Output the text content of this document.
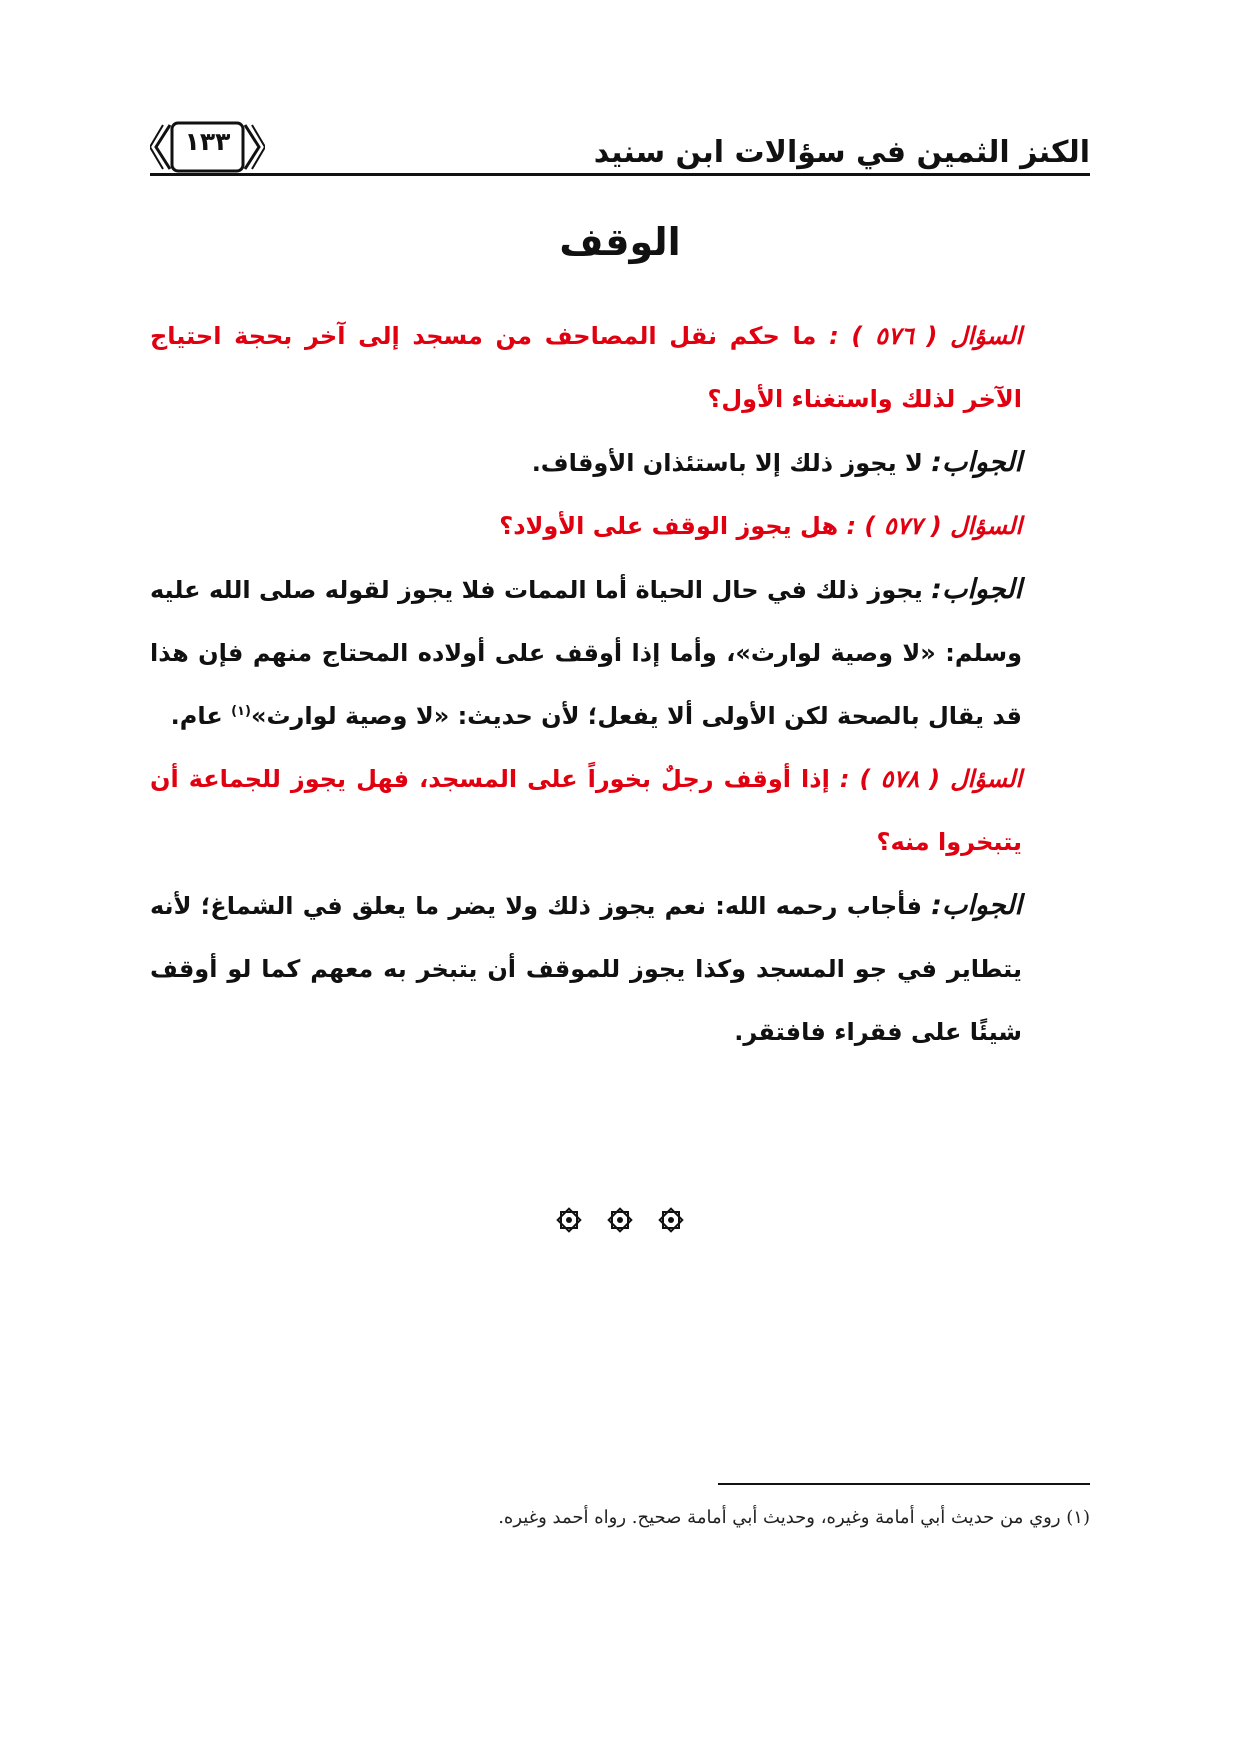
الكنز الثمين في سؤالات ابن سنيد
١٣٣
الوقف

السؤال ( ٥٧٦ ) : ما حكم نقل المصاحف من مسجد إلى آخر بحجة احتياج الآخر لذلك واستغناء الأول؟

الجواب: لا يجوز ذلك إلا باستئذان الأوقاف.

السؤال ( ٥٧٧ ) : هل يجوز الوقف على الأولاد؟

الجواب: يجوز ذلك في حال الحياة أما الممات فلا يجوز لقوله صلى الله عليه وسلم: «لا وصية لوارث»، وأما إذا أوقف على أولاده المحتاج منهم فإن هذا قد يقال بالصحة لكن الأولى ألا يفعل؛ لأن حديث: «لا وصية لوارث»$^{(١)}$ عام.

السؤال ( ٥٧٨ ) : إذا أوقف رجلٌ بخوراً على المسجد، فهل يجوز للجماعة أن يتبخروا منه؟

الجواب: فأجاب رحمه الله: نعم يجوز ذلك ولا يضر ما يعلق في الشماغ؛ لأنه يتطاير في جو المسجد وكذا يجوز للموقف أن يتبخر به معهم كما لو أوقف شيئًا على فقراء فافتقر.

(١) روي من حديث أبي أمامة وغيره، وحديث أبي أمامة صحيح. رواه أحمد وغيره.
